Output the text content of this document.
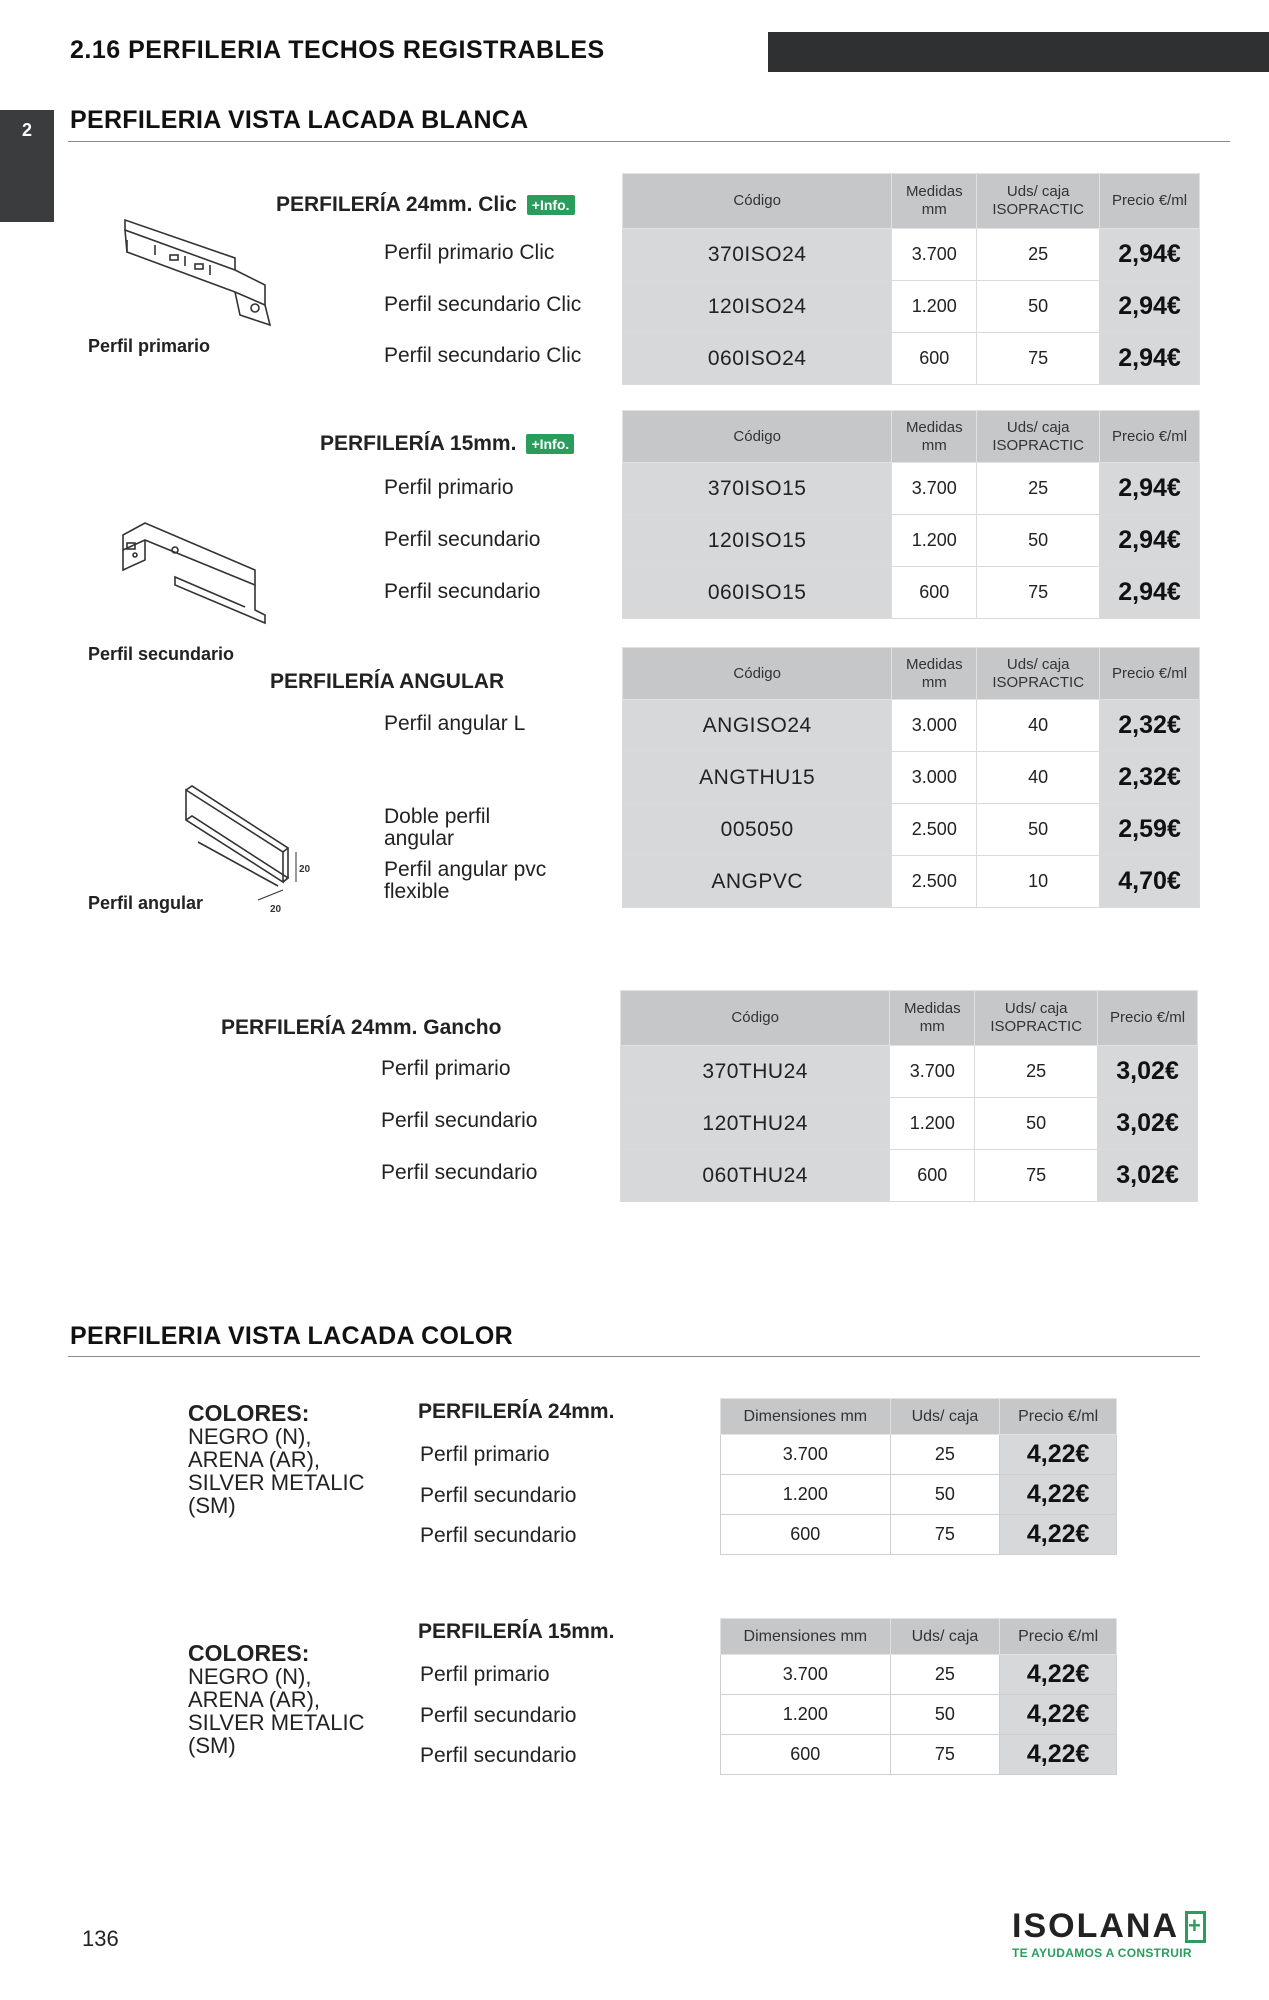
2.16 PERFILERIA TECHOS REGISTRABLES
2	PERFILERIA VISTA LACADA BLANCA
Perfil primario
Perfil secundario
20
20
Perfil angular
PERFILERÍA 24mm. Clic +Info.
Perfil primario Clic
Perfil secundario Clic
Perfil secundario Clic
Código	Medidas mm	Uds/ caja ISOPRACTIC	Precio €/ml
370ISO24	3.700	25	2,94€
120ISO24	1.200	50	2,94€
060ISO24	600	75	2,94€
PERFILERÍA 15mm. +Info.
Perfil primario
Perfil secundario
Perfil secundario
Código	Medidas mm	Uds/ caja ISOPRACTIC	Precio €/ml
370ISO15	3.700	25	2,94€
120ISO15	1.200	50	2,94€
060ISO15	600	75	2,94€
PERFILERÍA ANGULAR
Perfil angular L
Doble perfil angular
Perfil angular pvc flexible
Código	Medidas mm	Uds/ caja ISOPRACTIC	Precio €/ml
ANGISO24	3.000	40	2,32€
ANGTHU15	3.000	40	2,32€
005050	2.500	50	2,59€
ANGPVC	2.500	10	4,70€
PERFILERÍA 24mm. Gancho
Perfil primario
Perfil secundario
Perfil secundario
Código	Medidas mm	Uds/ caja ISOPRACTIC	Precio €/ml
370THU24	3.700	25	3,02€
120THU24	1.200	50	3,02€
060THU24	600	75	3,02€
PERFILERIA VISTA LACADA COLOR
COLORES:
NEGRO (N),
ARENA (AR),
SILVER METALIC
(SM)
PERFILERÍA 24mm.
Perfil primario
Perfil secundario
Perfil secundario
Dimensiones mm	Uds/ caja	Precio €/ml
3.700	25	4,22€
1.200	50	4,22€
600	75	4,22€
COLORES:
NEGRO (N),
ARENA (AR),
SILVER METALIC
(SM)
PERFILERÍA 15mm.
Perfil primario
Perfil secundario
Perfil secundario
Dimensiones mm	Uds/ caja	Precio €/ml
3.700	25	4,22€
1.200	50	4,22€
600	75	4,22€
136	ISOLANA +
TE AYUDAMOS A CONSTRUIR
